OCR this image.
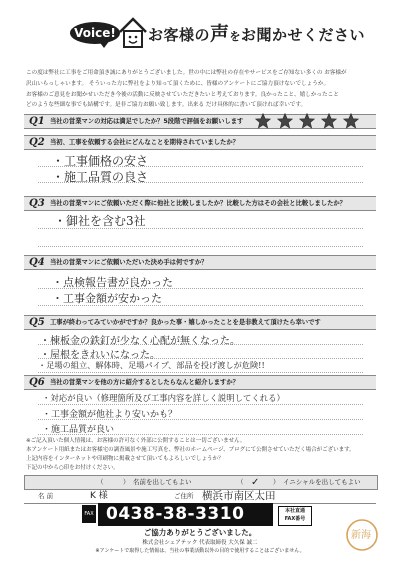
Voice! お客様の声をお聞かせください
この度は弊社に工事をご用命頂き誠にありがとうございました。世の中には弊社の存在やサービスをご存知ない多くの お客様が
沢山いらっしゃいます。 そういった方に弊社をより知って頂くために、皆様のアンケートにご協力頂けないでしょうか。
お客様のご意見をお聞かせいただき今後の活動に反映させていただきたいと考えております。良かったこと、嬉しかったこと
どのような些細な事でも結構です。是非ご協力お願い致します。出来る だけ具体的に書いて頂ければ幸いです。
Q1 当社の営業マンの対応は満足でしたか？5段階で評価をお願いします
Q2 当初、工事を依頼する会社にどんなことを期待されていましたか？
・工事価格の安さ
・施工品質の良さ
Q3 当社の営業マンにご依頼いただく際に他社と比較しましたか？比較した方はその会社と比較しましたか？
・御社を含む3社
Q4 当社の営業マンにご依頼いただいた決め手は何ですか？
・点検報告書が良かった
・工事金額が安かった
Q5 工事が終わってみていかがですか？良かった事・嬉しかったことを是非教えて頂けたら幸いです
・棟板金の鉄釘が少なく心配が無くなった。
・屋根をきれいになった。
・足場の組立、解体時、足場パイプ、部品を投げ渡しが危険!!
Q6 当社の営業マンを他の方に紹介するとしたらなんと紹介しますか？
・対応が良い（修理箇所及び工事内容を詳しく説明してくれる）
・工事金額が他社より安いかも？
・施工品質が良い
※ご記入頂いた個人情報は、お客様の許可なく外部に公開することは一切ございません。
本アンケート用紙またはお客様宅の調査風景や施工写真を、弊社のホームページ、ブログにて公開させていただく場合がございます。
上記内容をインターネットや印刷物に掲載させて頂いてもよろしいでしょうか？
下記の中から○印をお付けください。
（	） 名前を出してもよい	（ ✓ ） イニシャルを出してもよい
名 前	K 様	ご住所 横浜市南区太田
FAX 0438-38-3310	本社直通
FAX番号
ご協力ありがとうございました。
株式会社シェアテック 代表取締役 大久保 誠二
※アンケートで取得した情報は、当社の事業活動以外の目的で使用することはございません。
新海
